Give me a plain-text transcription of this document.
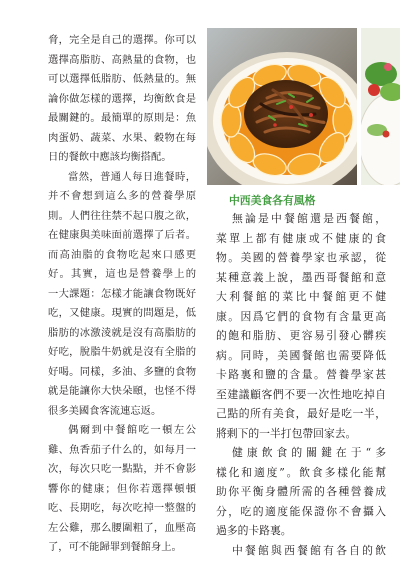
脅，完全是自己的選擇。你可以
選擇高脂肪、高熱量的食物，也
可以選擇低脂肪、低熱量的。無
論你做怎樣的選擇，均衡飲食是
最關鍵的。最簡單的原則是：魚
肉蛋奶、蔬菜、水果、穀物在每
日的餐飲中應該均衡搭配。
當然，普通人每日進餐時，
并不會想到這么多的營養學原
則。人們往往禁不起口腹之欲，
在健康與美味面前選擇了后者。
而高油脂的食物吃起來口感更
好。其實，這也是營養學上的
一大課題：怎樣才能讓食物既好
吃，又健康。現實的問題是，低
脂肪的冰激淩就是沒有高脂肪的
好吃，脫脂牛奶就是沒有全脂的
好喝。同樣，多油、多鹽的食物
就是能讓你大快朵頤，也怪不得
很多美國食客流連忘返。
偶爾到中餐館吃一頓左公
雞、魚香茄子什么的，如每月一
次，每次只吃一點點，并不會影
響你的健康；但你若選擇頓頓
吃、長期吃，每次吃掉一整盤的
左公雞，那么腰圍粗了，血壓高
了，可不能歸罪到餐館身上。
中西美食各有風格
無論是中餐館還是西餐館，
菜單上都有健康或不健康的食
物。美國的營養學家也承認，從
某種意義上說，墨西哥餐館和意
大利餐館的菜比中餐館更不健
康。因爲它們的食物有含量更高
的飽和脂肪、更容易引發心髒疾
病。同時，美國餐館也需要降低
卡路裏和鹽的含量。營養學家甚
至建議顧客們不要一次性地吃掉自
己點的所有美食，最好是吃一半，
將剩下的一半打包帶回家去。
健康飲食的關鍵在于“多
樣化和適度”。飲食多樣化能幫
助你平衡身體所需的各種營養成
分，吃的適度能保證你不會攝入
過多的卡路裏。
中餐館與西餐館有各自的飲
